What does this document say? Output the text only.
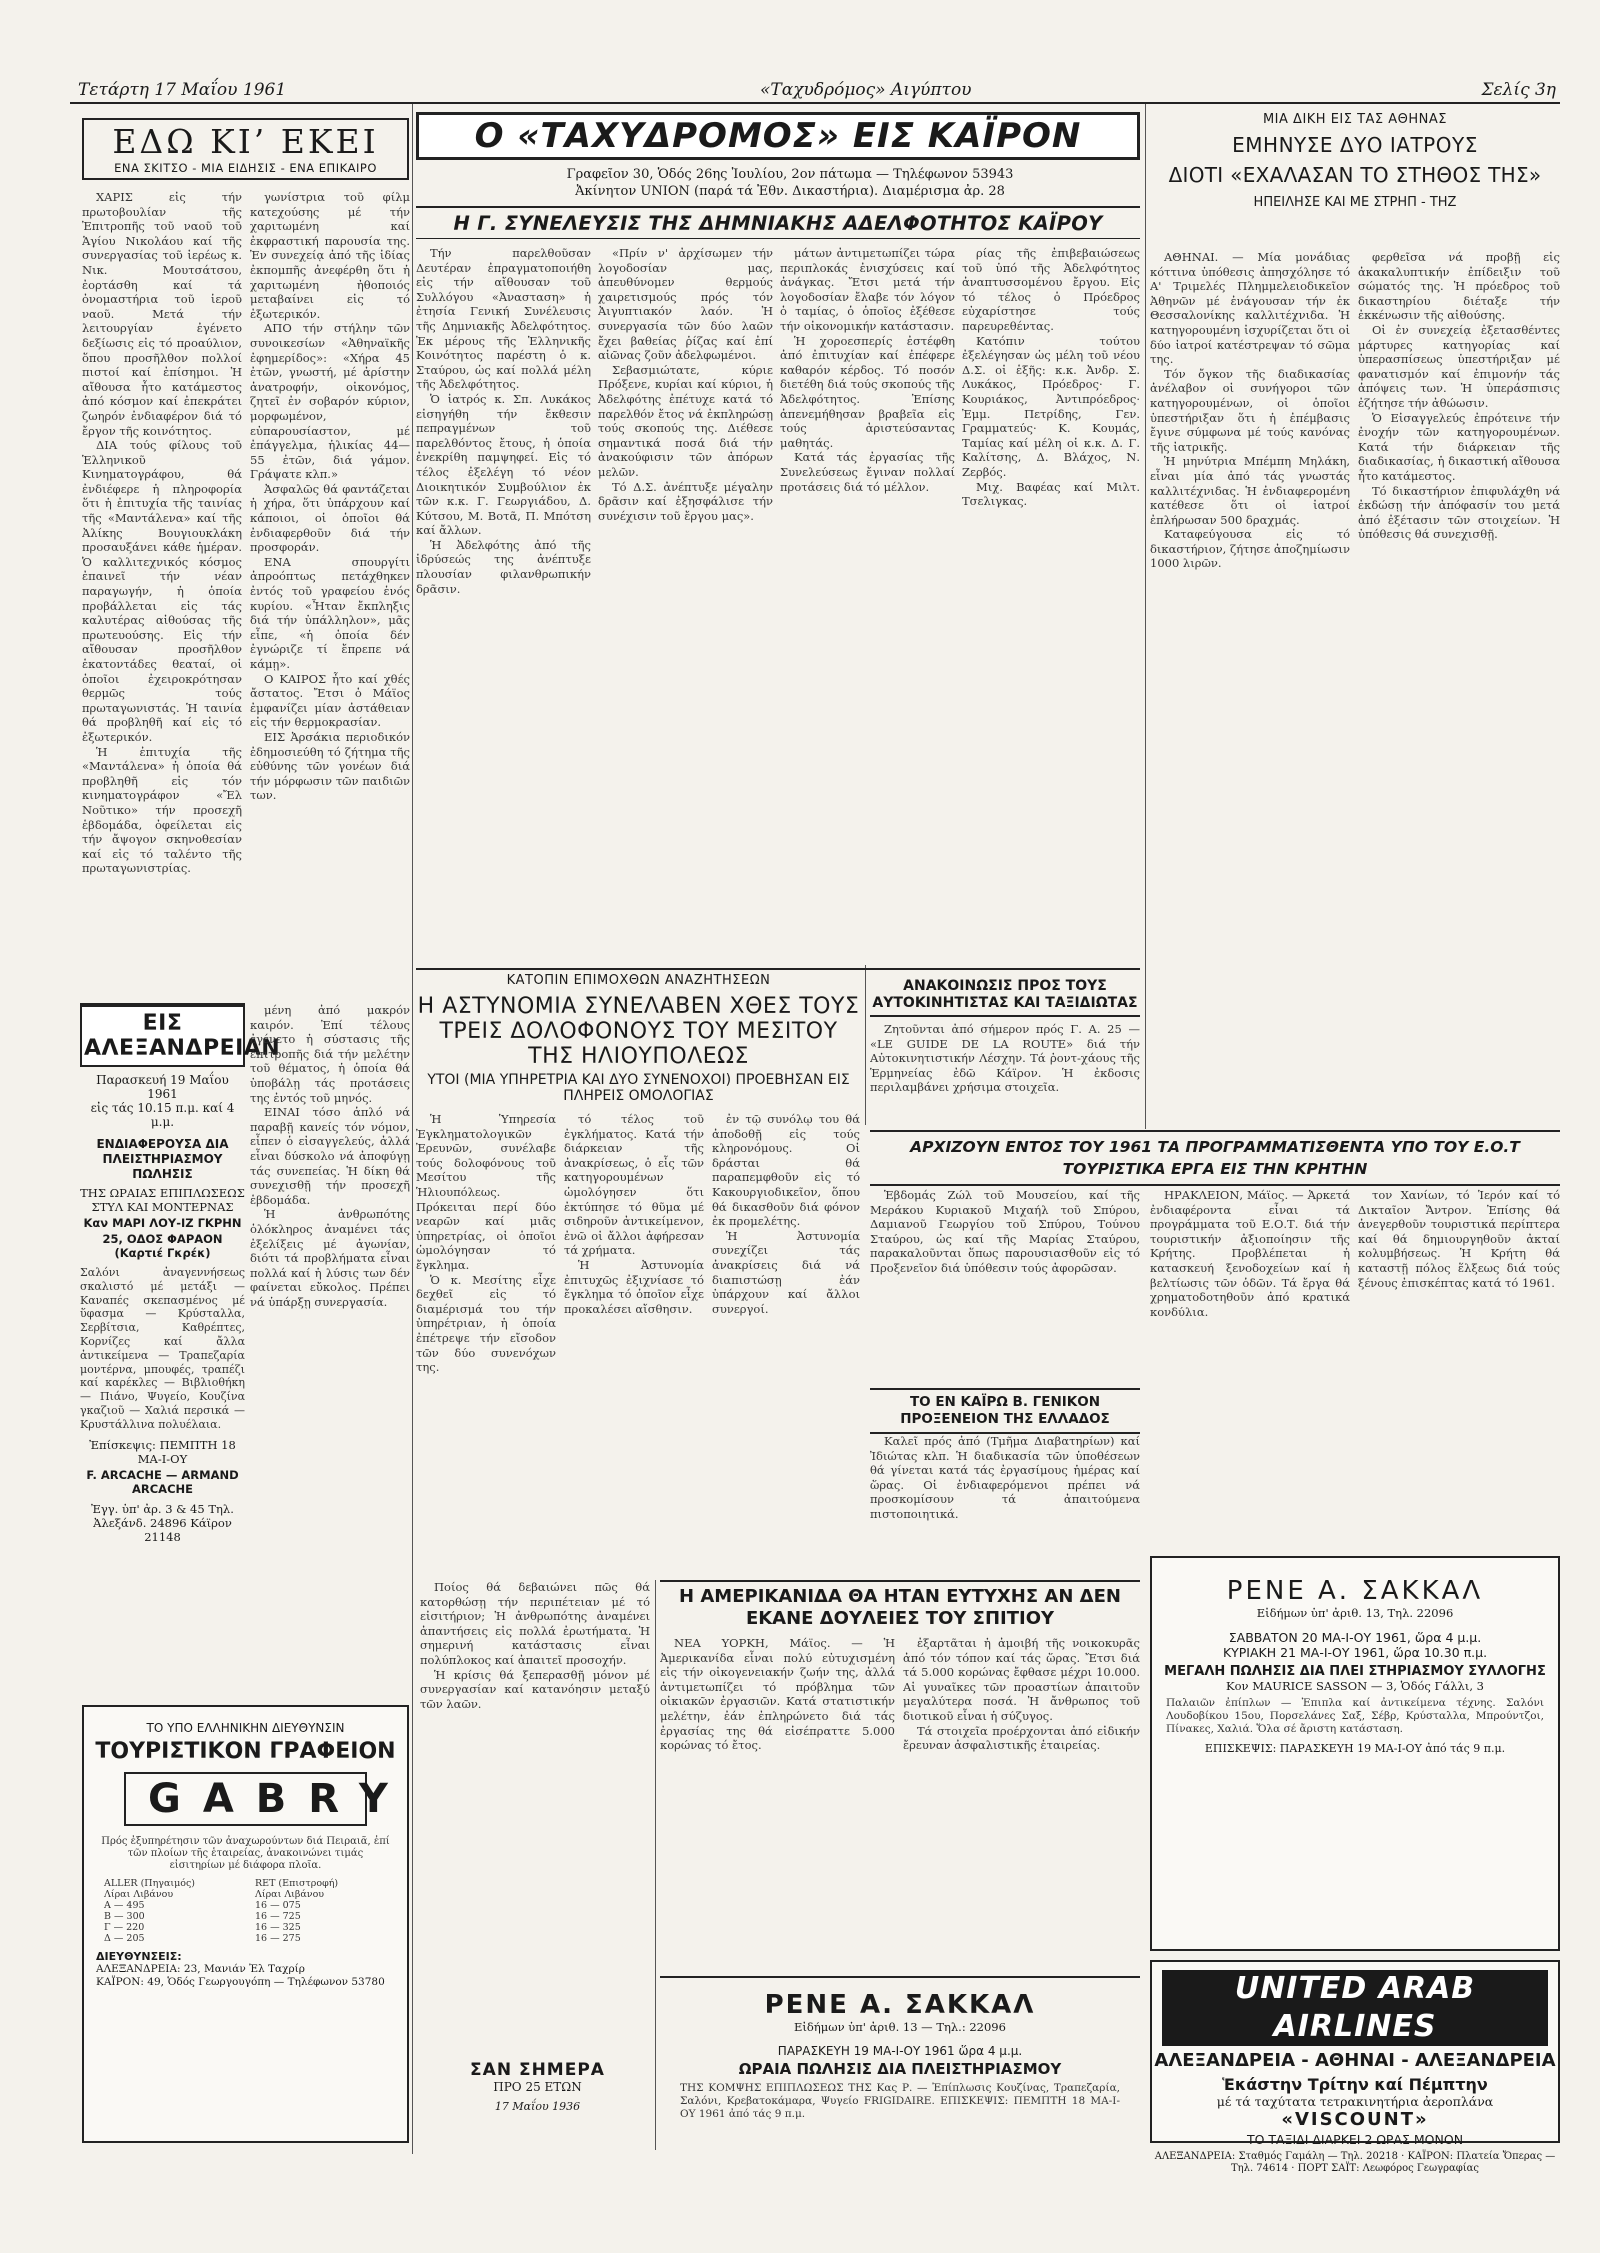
Τετάρτη 17 Μαΐου 1961	«Ταχυδρόμος» Αιγύπτου	Σελίς 3η
ΕΔΩ ΚΙ’ ΕΚΕΙ
ΕΝΑ ΣΚΙΤΣΟ - ΜΙΑ ΕΙΔΗΣΙΣ - ΕΝΑ ΕΠΙΚΑΙΡΟ

ΧΑΡΙΣ εἰς τήν πρωτοβουλίαν τῆς Ἐπιτροπῆς τοῦ ναοῦ τοῦ Ἁγίου Νικολάου καί τῆς συνεργασίας τοῦ ἱερέως κ. Νικ. Μουτσάτσου, ἐορτάσθη καί τά ὀνομαστήρια τοῦ ἱεροῦ ναοῦ. Μετά τήν λειτουργίαν ἐγένετο δεξίωσις εἰς τό προαύλιον, ὅπου προσῆλθον πολλοί πιστοί καί ἐπίσημοι. Ἡ αἴθουσα ἦτο κατάμεστος ἀπό κόσμον καί ἐπεκράτει ζωηρόν ἐνδιαφέρον διά τό ἔργον τῆς κοινότητος.

ΔΙΑ τούς φίλους τοῦ Ἑλληνικοῦ Κινηματογράφου, θά ἐνδιέφερε ἡ πληροφορία ὅτι ἡ ἐπιτυχία τῆς ταινίας τῆς «Μαντάλενα» καί τῆς Ἀλίκης Βουγιουκλάκη προσαυξάνει κάθε ἡμέραν. Ὁ καλλιτεχνικός κόσμος ἐπαινεῖ τήν νέαν παραγωγήν, ἡ ὁποία προβάλλεται εἰς τάς καλυτέρας αἰθούσας τῆς πρωτευούσης. Εἰς τήν αἴθουσαν προσῆλθον ἑκατοντάδες θεαταί, οἱ ὁποῖοι ἐχειροκρότησαν θερμῶς τούς πρωταγωνιστάς. Ἡ ταινία θά προβληθῆ καί εἰς τό ἐξωτερικόν.

Ἡ ἐπιτυχία τῆς «Μαντάλενα» ἡ ὁποία θά προβληθῆ εἰς τόν κινηματογράφον «Ἔλ Νοῦτικο» τήν προσεχῆ ἑβδομάδα, ὀφείλεται εἰς τήν ἄψογον σκηνοθεσίαν καί εἰς τό ταλέντο τῆς πρωταγωνιστρίας.

γωνίστρια τοῦ φίλμ κατεχούσης μέ τήν χαριτωμένη καί ἐκφραστική παρουσία της. Ἐν συνεχείᾳ ἀπό τῆς ἰδίας ἐκπομπῆς ἀνεφέρθη ὅτι ἡ χαριτωμένη ἠθοποιός μεταβαίνει εἰς τό ἐξωτερικόν.

ΑΠΟ τήν στήλην τῶν συνοικεσίων «Ἀθηναϊκῆς ἐφημερίδος»: «Χήρα 45 ἐτῶν, γνωστή, μέ ἀρίστην ἀνατροφήν, οἰκονόμος, ζητεῖ ἐν σοβαρόν κύριον, μορφωμένον, εὐπαρουσίαστον, μέ ἐπάγγελμα, ἡλικίας 44—55 ἐτῶν, διά γάμον. Γράψατε κλπ.»

Ἀσφαλῶς θά φαντάζεται ἡ χήρα, ὅτι ὑπάρχουν καί κάποιοι, οἱ ὁποῖοι θά ἐνδιαφερθοῦν διά τήν προσφοράν.

ΕΝΑ σπουργίτι ἀπροόπτως πετάχθηκεν ἐντός τοῦ γραφείου ἑνός κυρίου. «Ἦταν ἔκπληξις διά τήν ὑπάλληλον», μᾶς εἶπε, «ἡ ὁποία δέν ἐγνώριζε τί ἔπρεπε νά κάμῃ».

Ο ΚΑΙΡΟΣ ἦτο καί χθές ἄστατος. Ἔτσι ὁ Μάϊος ἐμφανίζει μίαν ἀστάθειαν εἰς τήν θερμοκρασίαν.

ΕΙΣ Ἀρσάκια περιοδικόν ἐδημοσιεύθη τό ζήτημα τῆς εὐθύνης τῶν γονέων διά τήν μόρφωσιν τῶν παιδιῶν των.

ΕΙΣ ΑΛΕΞΑΝΔΡΕΙΑΝ
Παρασκευή 19 Μαΐου 1961
εἰς τάς 10.15 π.μ. καί 4 μ.μ.
ΕΝΔΙΑΦΕΡΟΥΣΑ ΔΙΑ ΠΛΕΙΣΤΗΡΙΑΣΜΟΥ ΠΩΛΗΣΙΣ
ΤΗΣ ΩΡΑΙΑΣ ΕΠΙΠΛΩΣΕΩΣ ΣΤΥΛ ΚΑΙ ΜΟΝΤΕΡΝΑΣ
Καν ΜΑΡΙ ΛΟΥ-ΙΖ ΓΚΡΗΝ
25, ΟΔΟΣ ΦΑΡΑΟΝ (Καρτιέ Γκρέκ)
Σαλόνι ἀναγεννήσεως σκαλιστό μέ μετάξι — Καναπές σκεπασμένος μέ ὕφασμα — Κρύσταλλα, Σερβίτσια, Καθρέπτες, Κορνίζες καί ἄλλα ἀντικείμενα — Τραπεζαρία μοντέρνα, μπουφές, τραπέζι καί καρέκλες — Βιβλιοθήκη — Πιάνο, Ψυγείο, Κουζίνα γκαζιοῦ — Χαλιά περσικά — Κρυστάλλινα πολυέλαια.
Ἐπίσκεψις: ΠΕΜΠΤΗ 18 ΜΑ-Ι-ΟΥ
F. ARCACHE — ARMAND ARCACHE
Ἐγγ. ὑπ' ἀρ. 3 & 45 Τηλ. Ἀλεξάνδ. 24896 Κάϊρον 21148

μένη ἀπό μακρόν καιρόν. Ἐπί τέλους ἐγένετο ἡ σύστασις τῆς ἐπιτροπῆς διά τήν μελέτην τοῦ θέματος, ἡ ὁποία θά ὑποβάλῃ τάς προτάσεις της ἐντός τοῦ μηνός.

ΕΙΝΑΙ τόσο ἁπλό νά παραβῇ κανείς τόν νόμον, εἶπεν ὁ εἰσαγγελεύς, ἀλλά εἶναι δύσκολο νά ἀποφύγῃ τάς συνεπείας. Ἡ δίκη θά συνεχισθῇ τήν προσεχῆ ἑβδομάδα.

Ἡ ἀνθρωπότης ὁλόκληρος ἀναμένει τάς ἐξελίξεις μέ ἀγωνίαν, διότι τά προβλήματα εἶναι πολλά καί ἡ λύσις των δέν φαίνεται εὔκολος. Πρέπει νά ὑπάρξῃ συνεργασία.

ΤΟ ΥΠΟ ΕΛΛΗΝΙΚΗΝ ΔΙΕΥΘΥΝΣΙΝ
ΤΟΥΡΙΣΤΙΚΟΝ ΓΡΑΦΕΙΟΝ
GABRY
Πρός ἐξυπηρέτησιν τῶν ἀναχωρούντων διά Πειραιᾶ, ἐπί τῶν πλοίων τῆς ἑταιρείας, ἀνακοινώνει τιμάς εἰσιτηρίων μέ διάφορα πλοῖα.
ALLER (Πηγαιμός)	RET (Επιστροφή)
Λίραι Λιβάνου	Λίραι Λιβάνου
Α — 495	16 — 075
Β — 300	16 — 725
Γ — 220	16 — 325
Δ — 205	16 — 275
ΔΙΕΥΘΥΝΣΕΙΣ:
ΑΛΕΞΑΝΔΡΕΙΑ: 23, Μανιάν Ἐλ Ταχρίρ
ΚΑΪΡΟΝ: 49, Ὁδός Γεωργουγόπη — Τηλέφωνον 53780
Ο «ΤΑΧΥΔΡΟΜΟΣ» ΕΙΣ ΚΑΪΡΟΝ
Γραφεῖον 30, Ὁδός 26ης Ἰουλίου, 2ον πάτωμα — Τηλέφωνον 53943
Ἀκίνητον UNION (παρά τά Ἐθν. Δικαστήρια). Διαμέρισμα ἀρ. 28
Η Γ. ΣΥΝΕΛΕΥΣΙΣ ΤΗΣ ΔΗΜΝΙΑΚΗΣ ΑΔΕΛΦΟΤΗΤΟΣ ΚΑΪΡΟΥ

Τήν παρελθοῦσαν Δευτέραν ἐπραγματοποιήθη εἰς τήν αἴθουσαν τοῦ Συλλόγου «Ἀνασταση» ἡ ἐτησία Γενική Συνέλευσις τῆς Δημνιακῆς Ἀδελφότητος. Ἐκ μέρους τῆς Ἑλληνικῆς Κοινότητος παρέστη ὁ κ. Σταύρου, ὡς καί πολλά μέλη τῆς Ἀδελφότητος.

Ὁ ἰατρός κ. Σπ. Λυκάκος εἰσηγήθη τήν ἔκθεσιν πεπραγμένων τοῦ παρελθόντος ἔτους, ἡ ὁποία ἐνεκρίθη παμψηφεί. Εἰς τό τέλος ἐξελέγη τό νέον Διοικητικόν Συμβούλιον ἐκ τῶν κ.κ. Γ. Γεωργιάδου, Δ. Κύτσου, Μ. Βοτᾶ, Π. Μπότση καί ἄλλων.

Ἡ Ἀδελφότης ἀπό τῆς ἱδρύσεώς της ἀνέπτυξε πλουσίαν φιλανθρωπικήν δρᾶσιν.

«Πρίν ν' ἀρχίσωμεν τήν λογοδοσίαν μας, ἀπευθύνομεν θερμούς χαιρετισμούς πρός τόν Ἀιγυπτιακόν λαόν. Ἡ συνεργασία τῶν δύο λαῶν ἔχει βαθείας ῥίζας καί ἐπί αἰῶνας ζοῦν ἀδελφωμένοι.

Σεβασμιώτατε, κύριε Πρόξενε, κυρίαι καί κύριοι, ἡ Ἀδελφότης ἐπέτυχε κατά τό παρελθόν ἔτος νά ἐκπληρώσῃ τούς σκοπούς της. Διέθεσε σημαντικά ποσά διά τήν ἀνακούφισιν τῶν ἀπόρων μελῶν.

Τό Δ.Σ. ἀνέπτυξε μέγαλην δρᾶσιν καί ἐξησφάλισε τήν συνέχισιν τοῦ ἔργου μας».

μάτων ἀντιμετωπίζει τώρα περιπλοκάς ἐνισχύσεις καί ἀνάγκας. Ἔτσι μετά τήν λογοδοσίαν ἔλαβε τόν λόγον ὁ ταμίας, ὁ ὁποῖος ἐξέθεσε τήν οἰκονομικήν κατάστασιν.

Ἡ χοροεσπερίς ἐστέφθη ἀπό ἐπιτυχίαν καί ἐπέφερε καθαρόν κέρδος. Τό ποσόν διετέθη διά τούς σκοπούς τῆς Ἀδελφότητος. Ἐπίσης ἀπενεμήθησαν βραβεῖα εἰς τούς ἀριστεύσαντας μαθητάς.

Κατά τάς ἐργασίας τῆς Συνελεύσεως ἔγιναν πολλαί προτάσεις διά τό μέλλον.

ρίας τῆς ἐπιβεβαιώσεως τοῦ ὑπό τῆς Ἀδελφότητος ἀναπτυσσομένου ἔργου. Εἰς τό τέλος ὁ Πρόεδρος εὐχαρίστησε τούς παρευρεθέντας.

Κατόπιν τούτου ἐξελέγησαν ὡς μέλη τοῦ νέου Δ.Σ. οἱ ἑξῆς: κ.κ. Ἀνδρ. Σ. Λυκάκος, Πρόεδρος· Γ. Κουριάκος, Ἀντιπρόεδρος· Ἐμμ. Πετρίδης, Γεν. Γραμματεύς· Κ. Κουμάς, Ταμίας καί μέλη οἱ κ.κ. Δ. Γ. Καλίτσης, Δ. Βλάχος, Ν. Ζερβός.

Μιχ. Βαφέας καί Μιλτ. Τσελιγκας.

ΚΑΤΟΠΙΝ ΕΠΙΜΟΧΘΩΝ ΑΝΑΖΗΤΗΣΕΩΝ
Η ΑΣΤΥΝΟΜΙΑ ΣΥΝΕΛΑΒΕΝ ΧΘΕΣ ΤΟΥΣ ΤΡΕΙΣ ΔΟΛΟΦΟΝΟΥΣ ΤΟΥ ΜΕΣΙΤΟΥ ΤΗΣ ΗΛΙΟΥΠΟΛΕΩΣ
ΥΤΟΙ (ΜΙΑ ΥΠΗΡΕΤΡΙΑ ΚΑΙ ΔΥΟ ΣΥΝΕΝΟΧΟΙ) ΠΡΟΕΒΗΣΑΝ ΕΙΣ ΠΛΗΡΕΙΣ ΟΜΟΛΟΓΙΑΣ

Ἡ Ὑπηρεσία Ἐγκληματολογικῶν Ἐρευνῶν, συνέλαβε τούς δολοφόνους τοῦ Μεσίτου τῆς Ἡλιουπόλεως. Πρόκειται περί δύο νεαρῶν καί μιᾶς ὑπηρετρίας, οἱ ὁποῖοι ὡμολόγησαν τό ἔγκλημα.

Ὁ κ. Μεσίτης εἶχε δεχθεῖ εἰς τό διαμέρισμά του τήν ὑπηρέτριαν, ἡ ὁποία ἐπέτρεψε τήν εἴσοδον τῶν δύο συνενόχων της.

τό τέλος τοῦ ἐγκλήματος. Κατά τήν διάρκειαν τῆς ἀνακρίσεως, ὁ εἷς τῶν κατηγορουμένων ὡμολόγησεν ὅτι ἐκτύπησε τό θῦμα μέ σιδηροῦν ἀντικείμενον, ἐνῶ οἱ ἄλλοι ἀφήρεσαν τά χρήματα.

Ἡ Ἀστυνομία ἐπιτυχῶς ἐξιχνίασε τό ἔγκλημα τό ὁποῖον εἶχε προκαλέσει αἴσθησιν.

ἐν τῷ συνόλῳ του θά ἀποδοθῇ εἰς τούς κληρονόμους. Οἱ δράσται θά παραπεμφθοῦν εἰς τό Κακουργιοδικεῖον, ὅπου θά δικασθοῦν διά φόνον ἐκ προμελέτης.

Ἡ Ἀστυνομία συνεχίζει τάς ἀνακρίσεις διά νά διαπιστώσῃ ἐάν ὑπάρχουν καί ἄλλοι συνεργοί.

ΑΝΑΚΟΙΝΩΣΙΣ ΠΡΟΣ ΤΟΥΣ ΑΥΤΟΚΙΝΗΤΙΣΤΑΣ ΚΑΙ ΤΑΞΙΔΙΩΤΑΣ

Ζητοῦνται ἀπό σήμερον πρός Γ. Α. 25 — «LE GUIDE DE LA ROUTE» διά τήν Αὐτοκινητιστικήν Λέσχην. Τά ῥοντ-χάους τῆς Ἑρμηνείας ἐδῶ Κάϊρον. Ἡ ἐκδοσις περιλαμβάνει χρήσιμα στοιχεῖα.

ΑΡΧΙΖΟΥΝ ΕΝΤΟΣ ΤΟΥ 1961 ΤΑ ΠΡΟΓΡΑΜΜΑΤΙΣΘΕΝΤΑ ΥΠΟ ΤΟΥ Ε.Ο.Τ ΤΟΥΡΙΣΤΙΚΑ ΕΡΓΑ ΕΙΣ ΤΗΝ ΚΡΗΤΗΝ

Ἑβδομάς Ζώλ τοῦ Μουσείου, καί τῆς Μεράκου Κυριακοῦ Μιχαήλ τοῦ Σπύρου, Δαμιανοῦ Γεωργίου τοῦ Σπύρου, Τούνου Σταύρου, ὡς καί τῆς Μαρίας Σταύρου, παρακαλοῦνται ὅπως παρουσιασθοῦν εἰς τό Προξενεῖον διά ὑπόθεσιν τούς ἀφορῶσαν.

ΤΟ ΕΝ ΚΑΪΡΩ Β. ΓΕΝΙΚΟΝ ΠΡΟΞΕΝΕΙΟΝ ΤΗΣ ΕΛΛΑΔΟΣ

Καλεῖ πρός ἀπό (Τμῆμα Διαβατηρίων) καί Ἰδιώτας κλπ. Ἡ διαδικασία τῶν ὑποθέσεων θά γίνεται κατά τάς ἐργασίμους ἡμέρας καί ὥρας. Οἱ ἐνδιαφερόμενοι πρέπει νά προσκομίσουν τά ἀπαιτούμενα πιστοποιητικά.

Η ΑΜΕΡΙΚΑΝΙΔΑ ΘΑ ΗΤΑΝ ΕΥΤΥΧΗΣ ΑΝ ΔΕΝ ΕΚΑΝΕ ΔΟΥΛΕΙΕΣ ΤΟΥ ΣΠΙΤΙΟΥ

ΝΕΑ ΥΟΡΚΗ, Μάϊος. — Ἡ Ἀμερικανίδα εἶναι πολύ εὐτυχισμένη εἰς τήν οἰκογενειακήν ζωήν της, ἀλλά ἀντιμετωπίζει τό πρόβλημα τῶν οἰκιακῶν ἐργασιῶν. Κατά στατιστικήν μελέτην, ἐάν ἐπληρώνετο διά τάς ἐργασίας της θά εἰσέπραττε 5.000 κορώνας τό ἔτος.

ἐξαρτᾶται ἡ ἀμοιβή τῆς νοικοκυρᾶς ἀπό τόν τόπον καί τάς ὥρας. Ἔτσι διά τά 5.000 κορώνας ἔφθασε μέχρι 10.000. Αἱ γυναῖκες τῶν προαστίων ἀπαιτοῦν μεγαλύτερα ποσά. Ἡ ἄνθρωπος τοῦ διοτικοῦ εἶναι ἡ σύζυγος.

Τά στοιχεῖα προέρχονται ἀπό εἰδικήν ἔρευναν ἀσφαλιστικῆς ἑταιρείας.

Ποίος θά δεβαιώνει πῶς θά κατορθώσῃ τήν περιπέτειαν μέ τό εἰσιτήριον; Ἡ ἀνθρωπότης ἀναμένει ἀπαντήσεις εἰς πολλά ἐρωτήματα. Ἡ σημερινή κατάστασις εἶναι πολύπλοκος καί ἀπαιτεῖ προσοχήν.

Ἡ κρίσις θά ξεπερασθῇ μόνον μέ συνεργασίαν καί κατανόησιν μεταξύ τῶν λαῶν.

ΣΑΝ ΣΗΜΕΡΑ
ΠΡΟ 25 ΕΤΩΝ
17 Μαΐου 1936
ΡΕΝΕ Α. ΣΑΚΚΑΛ
Εἰδήμων ὑπ' ἀριθ. 13 — Τηλ.: 22096
ΠΑΡΑΣΚΕΥΗ 19 ΜΑ-Ι-ΟΥ 1961 ὥρα 4 μ.μ.
ΩΡΑΙΑ ΠΩΛΗΣΙΣ ΔΙΑ ΠΛΕΙΣΤΗΡΙΑΣΜΟΥ
ΤΗΣ ΚΟΜΨΗΣ ΕΠΙΠΛΩΣΕΩΣ ΤΗΣ Κας Ρ. — Ἐπίπλωσις Κουζίνας, Τραπεζαρία, Σαλόνι, Κρεβατοκάμαρα, Ψυγείο FRIGIDAIRE. ΕΠΙΣΚΕΨΙΣ: ΠΕΜΠΤΗ 18 ΜΑ-Ι-ΟΥ 1961 ἀπό τάς 9 π.μ.
ΜΙΑ ΔΙΚΗ ΕΙΣ ΤΑΣ ΑΘΗΝΑΣ
ΕΜΗΝΥΣΕ ΔΥΟ ΙΑΤΡΟΥΣ
ΔΙΟΤΙ «ΕΧΑΛΑΣΑΝ ΤΟ ΣΤΗΘΟΣ ΤΗΣ»
ΗΠΕΙΛΗΣΕ ΚΑΙ ΜΕ ΣΤΡΗΠ - ΤΗΖ

ΑΘΗΝΑΙ. — Μία μονάδιας κόττινα ὑπόθεσις ἀπησχόλησε τό Α' Τριμελές Πλημμελειοδικεῖον Ἀθηνῶν μέ ἐνάγουσαν τήν ἐκ Θεσσαλονίκης καλλιτέχνιδα. Ἡ κατηγορουμένη ἰσχυρίζεται ὅτι οἱ δύο ἰατροί κατέστρεψαν τό σῶμα της.

Τόν ὄγκον τῆς διαδικασίας ἀνέλαβον οἱ συνήγοροι τῶν κατηγορουμένων, οἱ ὁποῖοι ὑπεστήριξαν ὅτι ἡ ἐπέμβασις ἔγινε σύμφωνα μέ τούς κανόνας τῆς ἰατρικῆς.

Ἡ μηνύτρια Μπέμπη Μηλάκη, εἶναι μία ἀπό τάς γνωστάς καλλιτέχνιδας. Ἡ ἐνδιαφερομένη κατέθεσε ὅτι οἱ ἰατροί ἐπλήρωσαν 500 δραχμάς.

Καταφεύγουσα εἰς τό δικαστήριον, ζήτησε ἀποζημίωσιν 1000 λιρῶν.

φερθεῖσα νά προβῇ εἰς ἀκακαλυπτικήν ἐπίδειξιν τοῦ σώματός της. Ἡ πρόεδρος τοῦ δικαστηρίου διέταξε τήν ἐκκένωσιν τῆς αἰθούσης.

Οἱ ἐν συνεχείᾳ ἐξετασθέντες μάρτυρες κατηγορίας καί ὑπερασπίσεως ὑπεστήριξαν μέ φανατισμόν καί ἐπιμονήν τάς ἀπόψεις των. Ἡ ὑπεράσπισις ἐζήτησε τήν ἀθώωσιν.

Ὁ Εἰσαγγελεύς ἐπρότεινε τήν ἐνοχήν τῶν κατηγορουμένων. Κατά τήν διάρκειαν τῆς διαδικασίας, ἡ δικαστική αἴθουσα ἦτο κατάμεστος.

Τό δικαστήριον ἐπιφυλάχθη νά ἐκδώσῃ τήν ἀπόφασίν του μετά ἀπό ἐξέτασιν τῶν στοιχείων. Ἡ ὑπόθεσις θά συνεχισθῇ.

ΗΡΑΚΛΕΙΟΝ, Μάϊος. — Ἀρκετά ἐνδιαφέροντα εἶναι τά προγράμματα τοῦ Ε.Ο.Τ. διά τήν τουριστικήν ἀξιοποίησιν τῆς Κρήτης. Προβλέπεται ἡ κατασκευή ξενοδοχείων καί ἡ βελτίωσις τῶν ὁδῶν. Τά ἔργα θά χρηματοδοτηθοῦν ἀπό κρατικά κονδύλια.

τον Χανίων, τό Ἱερόν καί τό Δικταῖον Ἄντρον. Ἐπίσης θά ἀνεγερθοῦν τουριστικά περίπτερα καί θά δημιουργηθοῦν ἀκταί κολυμβήσεως. Ἡ Κρήτη θά καταστῇ πόλος ἕλξεως διά τούς ξένους ἐπισκέπτας κατά τό 1961.

ΡΕΝΕ Α. ΣΑΚΚΑΛ
Εἰδήμων ὑπ' ἀριθ. 13, Τηλ. 22096
ΣΑΒΒΑΤΟΝ 20 ΜΑ-Ι-ΟΥ 1961, ὥρα 4 μ.μ.
ΚΥΡΙΑΚΗ 21 ΜΑ-Ι-ΟΥ 1961, ὥρα 10.30 π.μ.
ΜΕΓΑΛΗ ΠΩΛΗΣΙΣ ΔΙΑ ΠΛΕΙ ΣΤΗΡΙΑΣΜΟΥ ΣΥΛΛΟΓΗΣ
Κον MAURICE SASSON — 3, Ὁδός Γάλλι, 3
Παλαιῶν ἐπίπλων — Ἐπιπλα καί ἀντικείμενα τέχνης. Σαλόνι Λουδοβίκου 15ου, Πορσελάνες Σαξ, Σέβρ, Κρύσταλλα, Μπρούντζοι, Πίνακες, Χαλιά. Ὅλα σέ ἄριστη κατάσταση.
ΕΠΙΣΚΕΨΙΣ: ΠΑΡΑΣΚΕΥΗ 19 ΜΑ-Ι-ΟΥ ἀπό τάς 9 π.μ.
UNITED ARAB AIRLINES
ΑΛΕΞΑΝΔΡΕΙΑ - ΑΘΗΝΑΙ - ΑΛΕΞΑΝΔΡΕΙΑ
Ἑκάστην Τρίτην καί Πέμπτην
μέ τά ταχύτατα τετρακινητήρια ἀεροπλάνα
«VISCOUNT»
ΤΟ ΤΑΞΙΔΙ ΔΙΑΡΚΕΙ 2 ΩΡΑΣ ΜΟΝΟΝ
ΑΛΕΞΑΝΔΡΕΙΑ: Σταθμός Γαμάλη — Τηλ. 20218 · ΚΑΪΡΟΝ: Πλατεία Ὄπερας — Τηλ. 74614 · ΠΟΡΤ ΣΑΪΤ: Λεωφόρος Γεωγραφίας
